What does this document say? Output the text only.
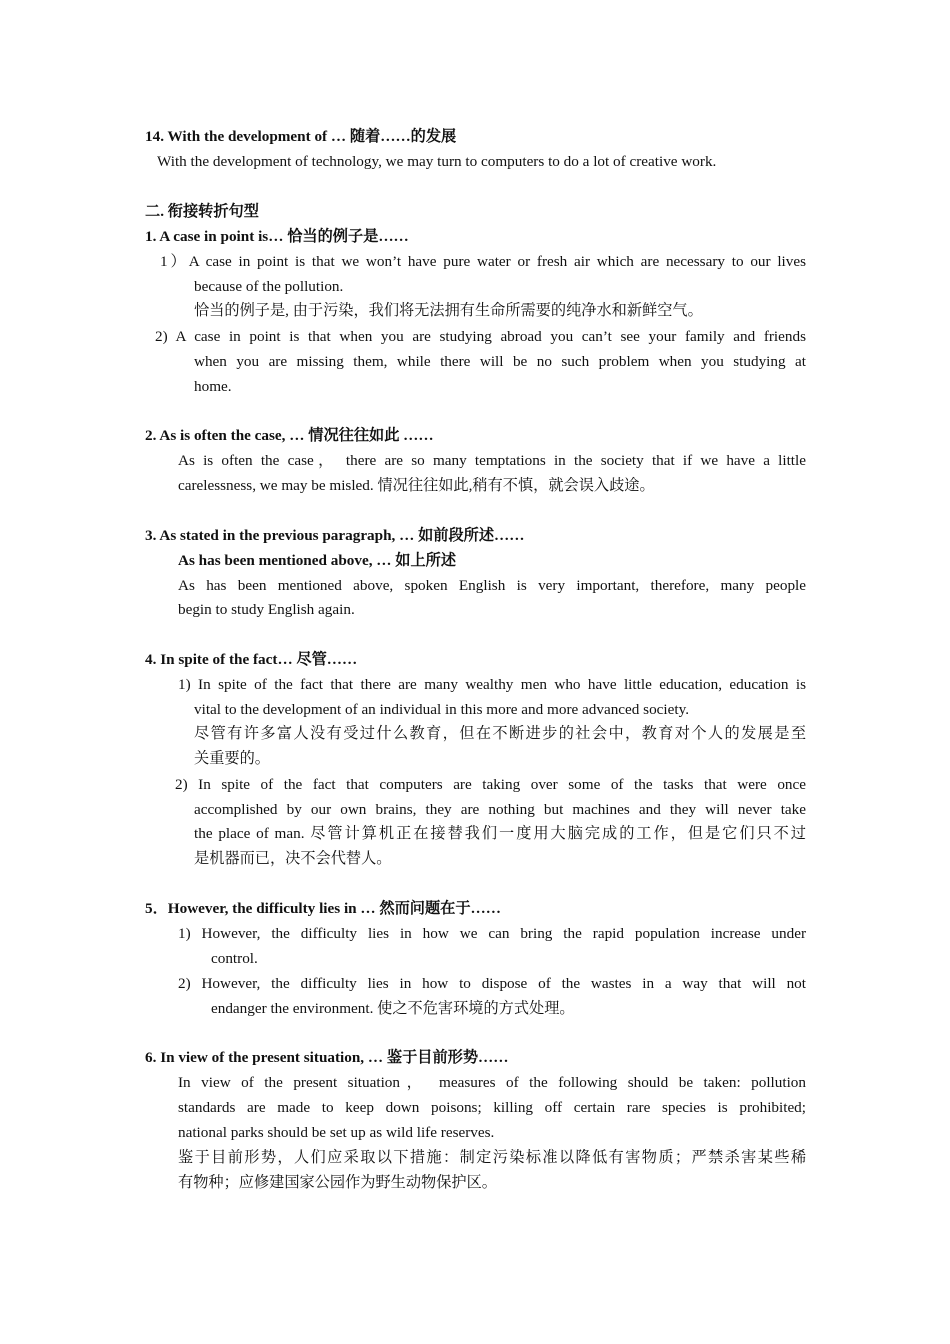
14. With the development of … 随着……的发展
With the development of technology, we may turn to computers to do a lot of creative work.
二. 衔接转折句型
1. A case in point is… 恰当的例子是……
1）A case in point is that we won’t have pure water or fresh air which are necessary to our lives
because of the pollution.
恰当的例子是, 由于污染，我们将无法拥有生命所需要的纯净水和新鲜空气。
2) A case in point is that when you are studying abroad you can’t see your family and friends
when you are missing them, while there will be no such problem when you studying at
home.
2. As is often the case, … 情况往往如此 ……
As is often the case， there are so many temptations in the society that if we have a little
carelessness, we may be misled. 情况往往如此,稍有不慎，就会误入歧途。
3. As stated in the previous paragraph, … 如前段所述……
As has been mentioned above, … 如上所述
As has been mentioned above, spoken English is very important, therefore, many people
begin to study English again.
4. In spite of the fact… 尽管……
1) In spite of the fact that there are many wealthy men who have little education, education is
vital to the development of an individual in this more and more advanced society.
尽管有许多富人没有受过什么教育，但在不断进步的社会中，教育对个人的发展是至
关重要的。
2) In spite of the fact that computers are taking over some of the tasks that were once
accomplished by our own brains, they are nothing but machines and they will never take
the place of man. 尽管计算机正在接替我们一度用大脑完成的工作，但是它们只不过
是机器而已，决不会代替人。
5．However, the difficulty lies in … 然而问题在于……
1) However, the difficulty lies in how we can bring the rapid population increase under
control.
2) However, the difficulty lies in how to dispose of the wastes in a way that will not
endanger the environment. 使之不危害环境的方式处理。
6. In view of the present situation, … 鉴于目前形势……
In view of the present situation， measures of the following should be taken: pollution
standards are made to keep down poisons; killing off certain rare species is prohibited;
national parks should be set up as wild life reserves.
鉴于目前形势，人们应采取以下措施：制定污染标准以降低有害物质；严禁杀害某些稀
有物种；应修建国家公园作为野生动物保护区。
